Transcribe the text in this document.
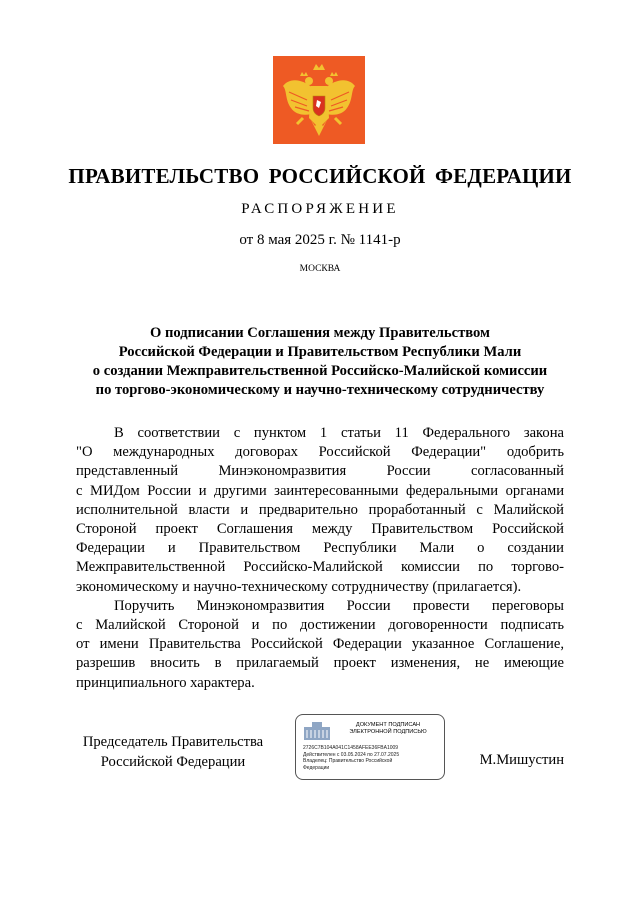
ПРАВИТЕЛЬСТВО РОССИЙСКОЙ ФЕДЕРАЦИИ
РАСПОРЯЖЕНИЕ
от 8 мая 2025 г. № 1141-р
МОСКВА
О подписании Соглашения между Правительством
Российской Федерации и Правительством Республики Мали
о создании Межправительственной Российско-Малийской комиссии
по торгово-экономическому и научно-техническому сотрудничеству
В соответствии с пунктом 1 статьи 11 Федерального закона
"О международных договорах Российской Федерации" одобрить
представленный Минэкономразвития России согласованный
с МИДом России и другими заинтересованными федеральными органами
исполнительной власти и предварительно проработанный с Малийской
Стороной проект Соглашения между Правительством Российской
Федерации и Правительством Республики Мали о создании
Межправительственной Российско-Малийской комиссии по торгово-
экономическому и научно-техническому сотрудничеству (прилагается).
Поручить Минэкономразвития России провести переговоры
с Малийской Стороной и по достижении договоренности подписать
от имени Правительства Российской Федерации указанное Соглашение,
разрешив вносить в прилагаемый проект изменения, не имеющие
принципиального характера.
Председатель Правительства
Российской Федерации
ДОКУМЕНТ ПОДПИСАН
ЭЛЕКТРОННОЙ ПОДПИСЬЮ
2726C7B104A041C1458AFEE36FBA1009
Действителен с 03.05.2024 по 27.07.2025
Владелец: Правительство Российской
Федерации	М.Мишустин
